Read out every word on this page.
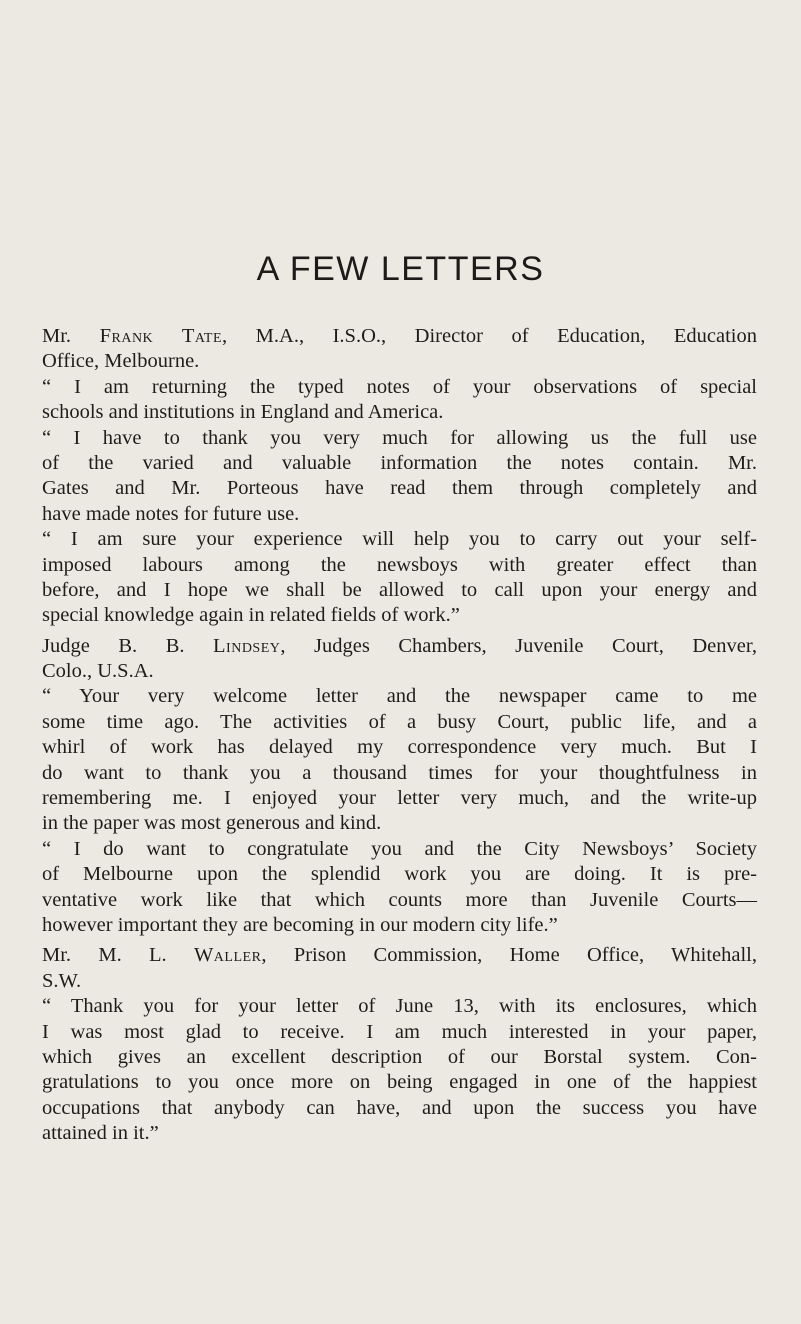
A FEW LETTERS
Mr. Frank Tate, M.A., I.S.O., Director of Education, Education
Office, Melbourne.
“ I am returning the typed notes of your observations of special
schools and institutions in England and America.
“ I have to thank you very much for allowing us the full use
of the varied and valuable information the notes contain. Mr.
Gates and Mr. Porteous have read them through completely and
have made notes for future use.
“ I am sure your experience will help you to carry out your self-
imposed labours among the newsboys with greater effect than
before, and I hope we shall be allowed to call upon your energy and
special knowledge again in related fields of work.”
Judge B. B. Lindsey, Judges Chambers, Juvenile Court, Denver,
Colo., U.S.A.
“ Your very welcome letter and the newspaper came to me
some time ago. The activities of a busy Court, public life, and a
whirl of work has delayed my correspondence very much. But I
do want to thank you a thousand times for your thoughtfulness in
remembering me. I enjoyed your letter very much, and the write-up
in the paper was most generous and kind.
“ I do want to congratulate you and the City Newsboys’ Society
of Melbourne upon the splendid work you are doing. It is pre-
ventative work like that which counts more than Juvenile Courts—
however important they are becoming in our modern city life.”
Mr. M. L. Waller, Prison Commission, Home Office, Whitehall,
S.W.
“ Thank you for your letter of June 13, with its enclosures, which
I was most glad to receive. I am much interested in your paper,
which gives an excellent description of our Borstal system. Con-
gratulations to you once more on being engaged in one of the happiest
occupations that anybody can have, and upon the success you have
attained in it.”
